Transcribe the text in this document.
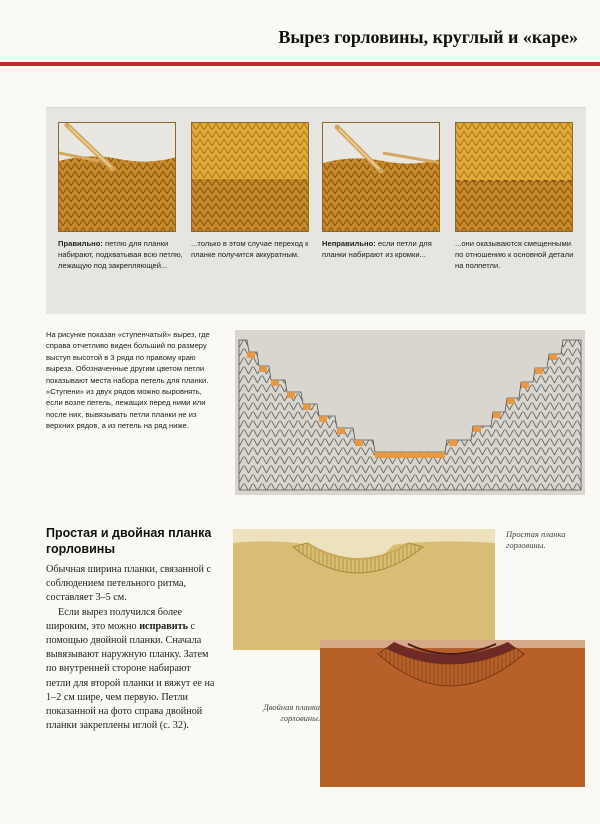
Вырез горловины, круглый и «каре»
Правильно: петлю для планки набирают, подхватывая всю петлю, лежащую под закрепляющей...
...только в этом случае переход к планке получится аккуратным.
Неправильно: если петли для планки набирают из кромки...
...они оказываются смещенными по отношению к основной детали на полпетли.
На рисунке показан «ступенчатый» вырез, где справа отчетливо виден больший по размеру выступ высотой в 3 ряда по правому краю выреза. Обозначенные другим цветом петли показывают места набора петель для планки. «Ступени» из двух рядов можно выровнять, если возле петель, лежащих перед ними или после них, вывязывать петли планки не из верхних рядов, а из петель на ряд ниже.
Простая и двойная планка горловины

Обычная ширина планки, связанной с соблюдением петельного ритма, составляет 3–5 см.

Если вырез получился более широким, это можно исправить с помощью двойной планки. Сначала вывязывают наружную планку. Затем по внутренней стороне набирают петли для второй планки и вяжут ее на 1–2 см шире, чем первую. Петли показанной на фото справа двойной планки закреплены иглой (с. 32).

Простая планка горловины.
Двойная планка горловины.
